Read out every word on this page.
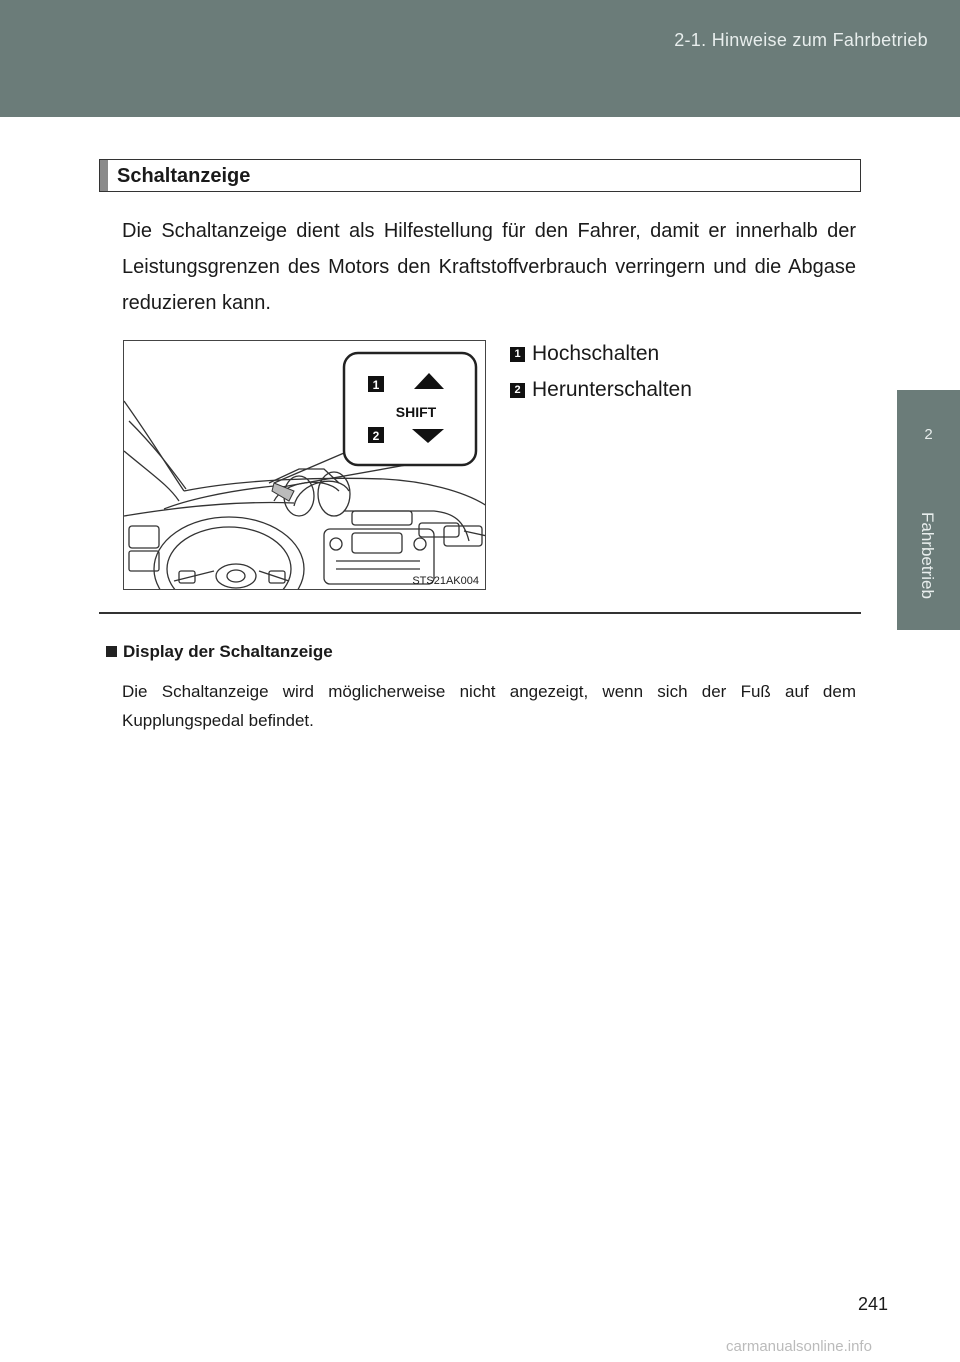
2-1. Hinweise zum Fahrbetrieb
2
Fahrbetrieb
Schaltanzeige
Die Schaltanzeige dient als Hilfestellung für den Fahrer, damit er innerhalb der Leistungsgrenzen des Motors den Kraftstoffverbrauch verringern und die Abgase reduzieren kann.
1
SHIFT
2
STS21AK004
1 Hochschalten
2 Herunterschalten
Display der Schaltanzeige
Die Schaltanzeige wird möglicherweise nicht angezeigt, wenn sich der Fuß auf dem Kupplungspedal befindet.
241
carmanualsonline.info
